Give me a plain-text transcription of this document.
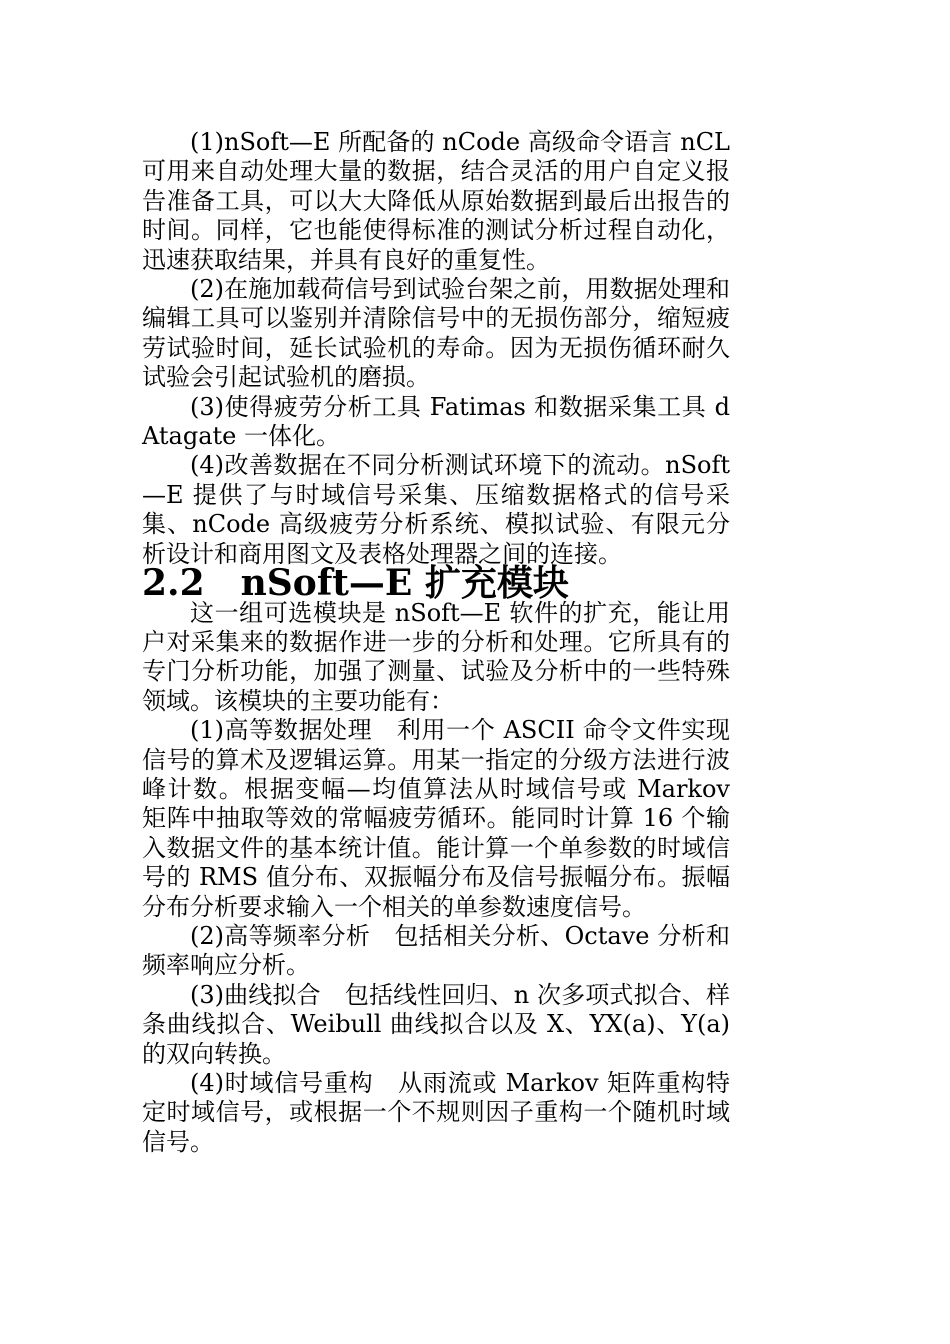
(1)nSoft—E 所配备的 nCode 高级命令语言 nCL 可用来自动处理大量的数据，结合灵活的用户自定义报告准备工具，可以大大降低从原始数据到最后出报告的时间。同样，它也能使得标准的测试分析过程自动化，迅速获取结果，并具有良好的重复性。

(2)在施加载荷信号到试验台架之前，用数据处理和编辑工具可以鉴别并清除信号中的无损伤部分，缩短疲劳试验时间，延长试验机的寿命。因为无损伤循环耐久试验会引起试验机的磨损。

(3)使得疲劳分析工具 Fatimas 和数据采集工具 dAtagate 一体化。

(4)改善数据在不同分析测试环境下的流动。nSoft—E 提供了与时域信号采集、压缩数据格式的信号采集、nCode 高级疲劳分析系统、模拟试验、有限元分析设计和商用图文及表格处理器之间的连接。

2.2　nSoft—E 扩充模块

这一组可选模块是 nSoft—E 软件的扩充，能让用户对采集来的数据作进一步的分析和处理。它所具有的专门分析功能，加强了测量、试验及分析中的一些特殊领域。该模块的主要功能有：

(1)高等数据处理　利用一个 ASCII 命令文件实现信号的算术及逻辑运算。用某一指定的分级方法进行波峰计数。根据变幅—均值算法从时域信号或 Markov 矩阵中抽取等效的常幅疲劳循环。能同时计算 16 个输入数据文件的基本统计值。能计算一个单参数的时域信号的 RMS 值分布、双振幅分布及信号振幅分布。振幅分布分析要求输入一个相关的单参数速度信号。

(2)高等频率分析　包括相关分析、Octave 分析和频率响应分析。

(3)曲线拟合　包括线性回归、n 次多项式拟合、样条曲线拟合、Weibull 曲线拟合以及 X、YX(a)、Y(a)的双向转换。

(4)时域信号重构　从雨流或 Markov 矩阵重构特定时域信号，或根据一个不规则因子重构一个随机时域信号。
